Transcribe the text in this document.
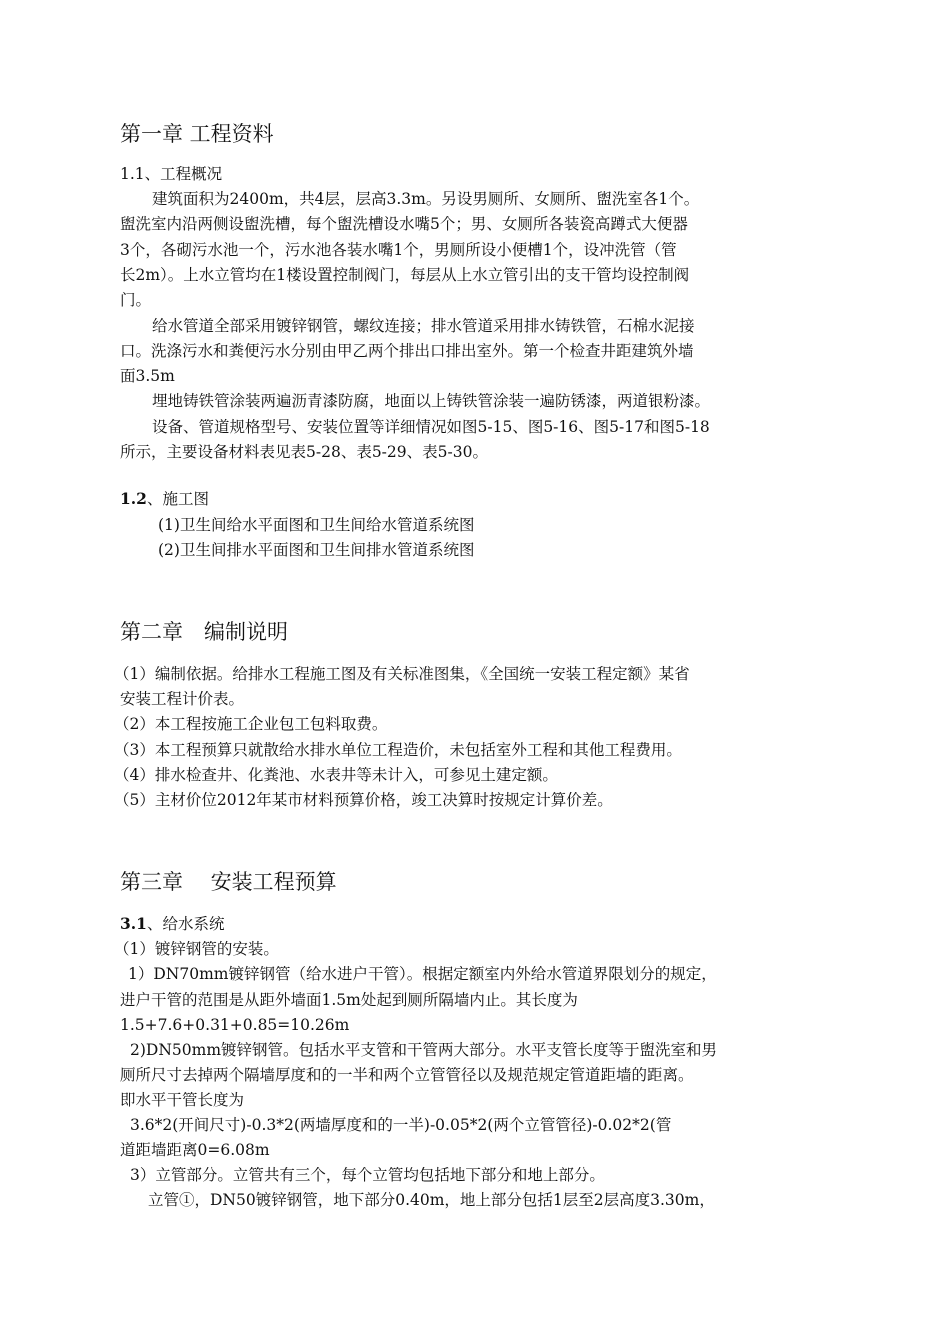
第一章 工程资料

1.1、工程概况

建筑面积为2400m，共4层，层高3.3m。另设男厕所、女厕所、盥洗室各1个。

盥洗室内沿两侧设盥洗槽，每个盥洗槽设水嘴5个；男、女厕所各装瓷高蹲式大便器

3个，各砌污水池一个，污水池各装水嘴1个，男厕所设小便槽1个，设冲洗管（管

长2m）。上水立管均在1楼设置控制阀门，每层从上水立管引出的支干管均设控制阀

门。

给水管道全部采用镀锌钢管，螺纹连接；排水管道采用排水铸铁管，石棉水泥接

口。洗涤污水和粪便污水分别由甲乙两个排出口排出室外。第一个检查井距建筑外墙

面3.5m

埋地铸铁管涂装两遍沥青漆防腐，地面以上铸铁管涂装一遍防锈漆，两道银粉漆。

设备、管道规格型号、安装位置等详细情况如图5-15、图5-16、图5-17和图5-18

所示，主要设备材料表见表5-28、表5-29、表5-30。

1.2、施工图

(1)卫生间给水平面图和卫生间给水管道系统图

(2)卫生间排水平面图和卫生间排水管道系统图

第二章　编制说明

（1）编制依据。给排水工程施工图及有关标准图集，《全国统一安装工程定额》某省

安装工程计价表。

（2）本工程按施工企业包工包料取费。

（3）本工程预算只就散给水排水单位工程造价，未包括室外工程和其他工程费用。

（4）排水检查井、化粪池、水表井等未计入，可参见土建定额。

（5）主材价位2012年某市材料预算价格，竣工决算时按规定计算价差。

第三章　 安装工程预算

3.1、给水系统

（1）镀锌钢管的安装。

1）DN70mm镀锌钢管（给水进户干管）。根据定额室内外给水管道界限划分的规定，

进户干管的范围是从距外墙面1.5m处起到厕所隔墙内止。其长度为

1.5+7.6+0.31+0.85=10.26m

2)DN50mm镀锌钢管。包括水平支管和干管两大部分。水平支管长度等于盥洗室和男

厕所尺寸去掉两个隔墙厚度和的一半和两个立管管径以及规范规定管道距墙的距离。

即水平干管长度为

3.6*2(开间尺寸)-0.3*2(两墙厚度和的一半)-0.05*2(两个立管管径)-0.02*2(管

道距墙距离0=6.08m

3）立管部分。立管共有三个，每个立管均包括地下部分和地上部分。

立管①，DN50镀锌钢管，地下部分0.40m，地上部分包括1层至2层高度3.30m，
